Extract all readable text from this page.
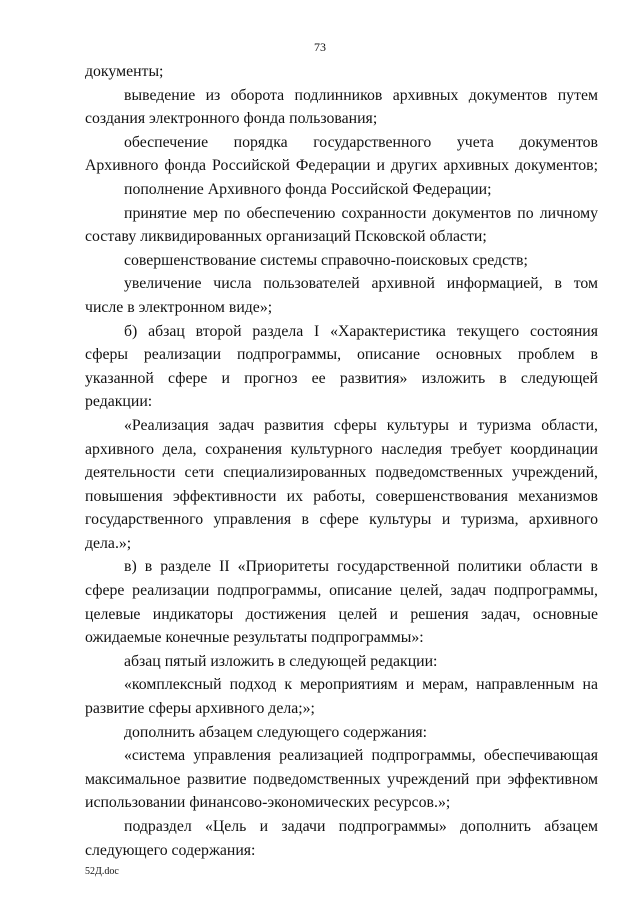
73
документы;
выведение из оборота подлинников архивных документов путем
создания электронного фонда пользования;
обеспечение порядка государственного учета документов
Архивного фонда Российской Федерации и других архивных документов;
пополнение Архивного фонда Российской Федерации;
принятие мер по обеспечению сохранности документов по личному
составу ликвидированных организаций Псковской области;
совершенствование системы справочно-поисковых средств;
увеличение числа пользователей архивной информацией, в том
числе в электронном виде»;
б) абзац второй раздела I «Характеристика текущего состояния
сферы реализации подпрограммы, описание основных проблем в
указанной сфере и прогноз ее развития» изложить в следующей
редакции:
«Реализация задач развития сферы культуры и туризма области,
архивного дела, сохранения культурного наследия требует координации
деятельности сети специализированных подведомственных учреждений,
повышения эффективности их работы, совершенствования механизмов
государственного управления в сфере культуры и туризма, архивного
дела.»;
в) в разделе II «Приоритеты государственной политики области в
сфере реализации подпрограммы, описание целей, задач подпрограммы,
целевые индикаторы достижения целей и решения задач, основные
ожидаемые конечные результаты подпрограммы»:
абзац пятый изложить в следующей редакции:
«комплексный подход к мероприятиям и мерам, направленным на
развитие сферы архивного дела;»;
дополнить абзацем следующего содержания:
«система управления реализацией подпрограммы, обеспечивающая
максимальное развитие подведомственных учреждений при эффективном
использовании финансово-экономических ресурсов.»;
подраздел «Цель и задачи подпрограммы» дополнить абзацем
следующего содержания:
52Д.doc
